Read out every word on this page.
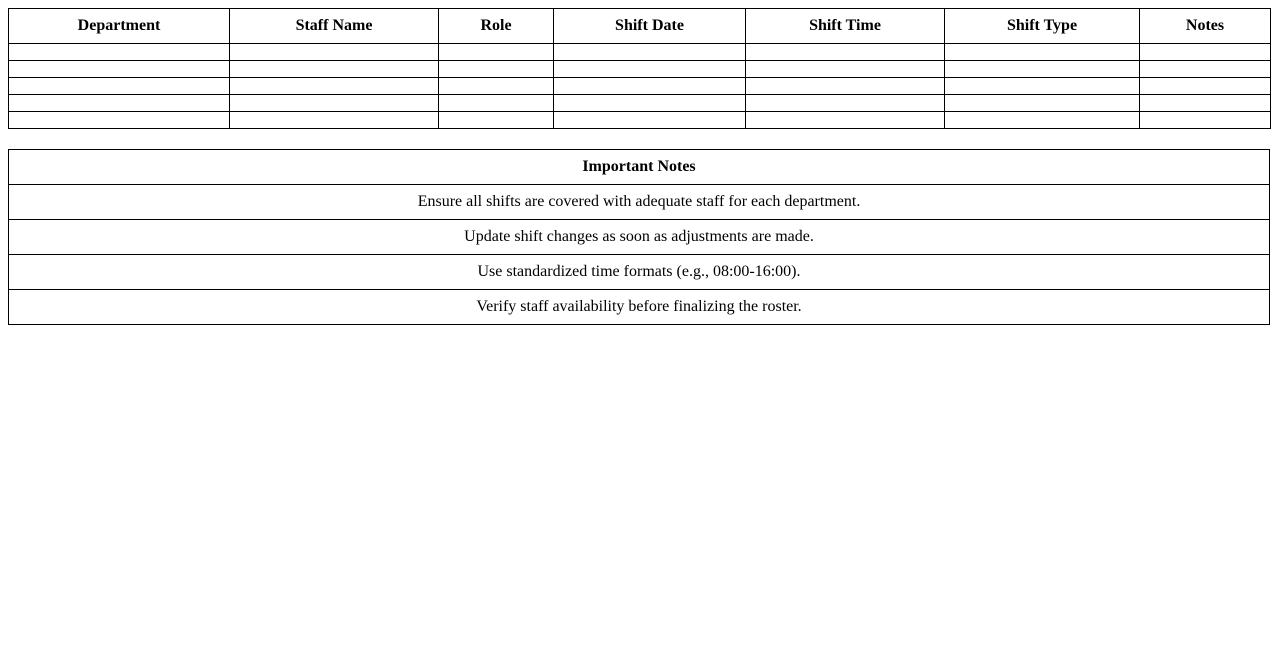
Department	Staff Name	Role	Shift Date	Shift Time	Shift Type	Notes

Important Notes
Ensure all shifts are covered with adequate staff for each department.
Update shift changes as soon as adjustments are made.
Use standardized time formats (e.g., 08:00-16:00).
Verify staff availability before finalizing the roster.
